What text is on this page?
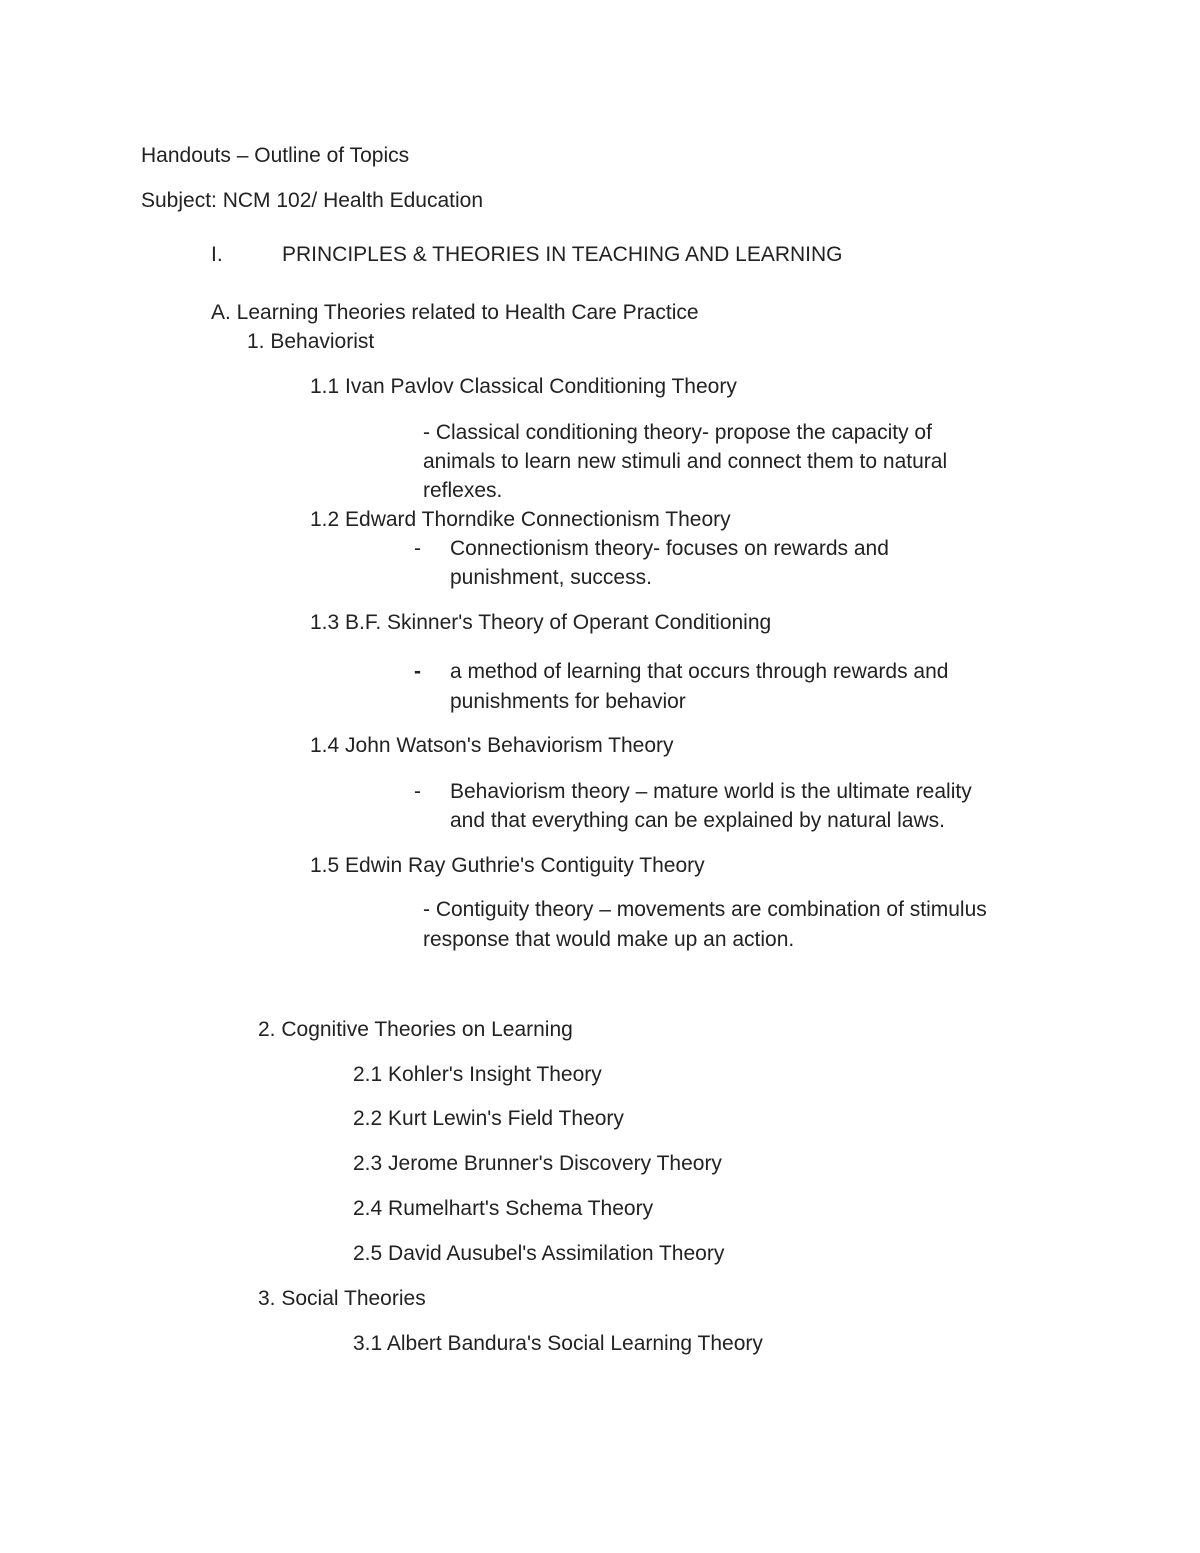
Handouts – Outline of Topics
Subject: NCM 102/ Health Education
I.	PRINCIPLES & THEORIES IN TEACHING AND LEARNING
A. Learning Theories related to Health Care Practice
1. Behaviorist
1.1 Ivan Pavlov Classical Conditioning Theory
- Classical conditioning theory- propose the capacity of
animals to learn new stimuli and connect them to natural
reflexes.
1.2 Edward Thorndike Connectionism Theory
- Connectionism theory- focuses on rewards and
punishment, success.
1.3 B.F. Skinner's Theory of Operant Conditioning
- a method of learning that occurs through rewards and
punishments for behavior
1.4 John Watson's Behaviorism Theory
- Behaviorism theory – mature world is the ultimate reality
and that everything can be explained by natural laws.
1.5 Edwin Ray Guthrie's Contiguity Theory
- Contiguity theory – movements are combination of stimulus
response that would make up an action.
2. Cognitive Theories on Learning
2.1 Kohler's Insight Theory
2.2 Kurt Lewin's Field Theory
2.3 Jerome Brunner's Discovery Theory
2.4 Rumelhart's Schema Theory
2.5 David Ausubel's Assimilation Theory
3. Social Theories
3.1 Albert Bandura's Social Learning Theory
